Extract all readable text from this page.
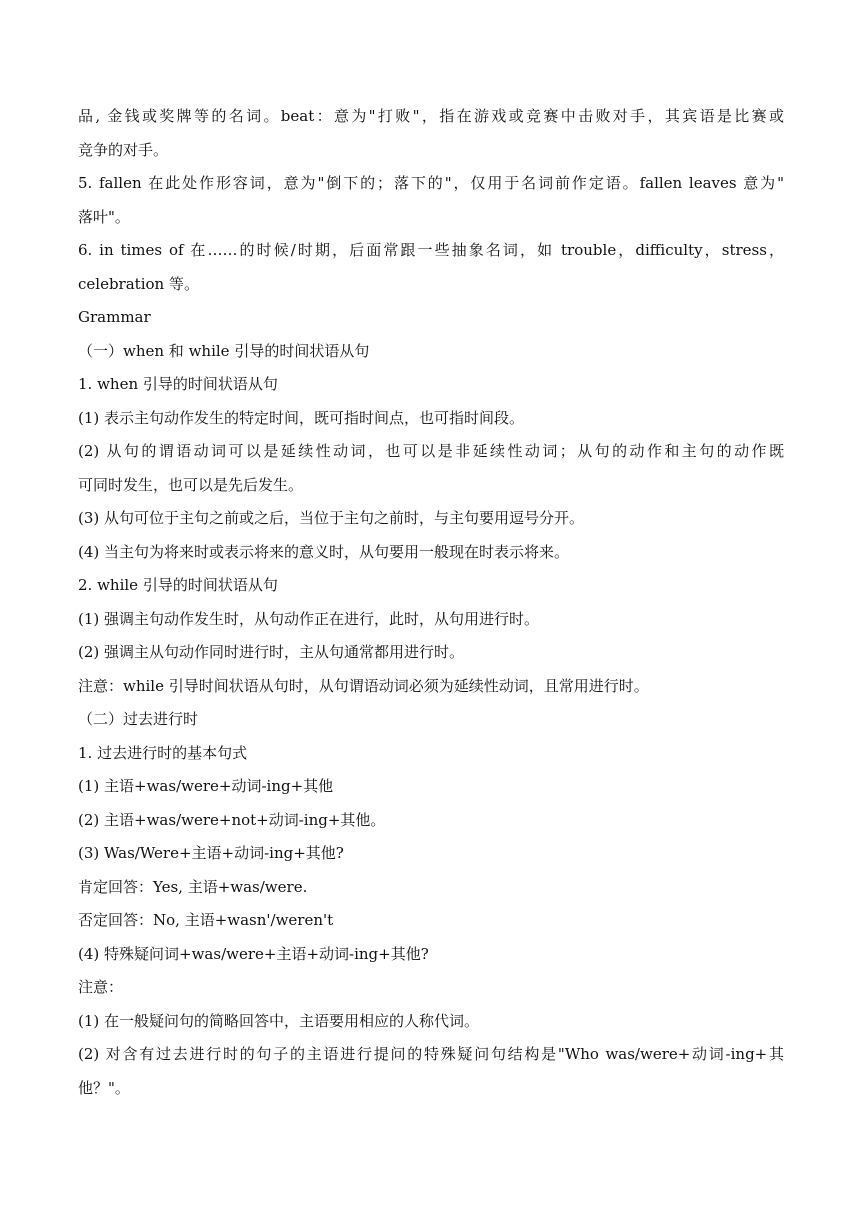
品, 金钱或奖牌等的名词。beat：意为"打败"，指在游戏或竞赛中击败对手，其宾语是比赛或
竞争的对手。
5. fallen 在此处作形容词，意为"倒下的；落下的"，仅用于名词前作定语。fallen leaves 意为"
落叶"。
6. in times of 在……的时候/时期，后面常跟一些抽象名词，如 trouble，difficulty，stress，
celebration 等。
Grammar
（一）when 和 while 引导的时间状语从句
1. when 引导的时间状语从句
(1) 表示主句动作发生的特定时间，既可指时间点，也可指时间段。
(2) 从句的谓语动词可以是延续性动词，也可以是非延续性动词；从句的动作和主句的动作既
可同时发生，也可以是先后发生。
(3) 从句可位于主句之前或之后，当位于主句之前时，与主句要用逗号分开。
(4) 当主句为将来时或表示将来的意义时，从句要用一般现在时表示将来。
2. while 引导的时间状语从句
(1) 强调主句动作发生时，从句动作正在进行，此时，从句用进行时。
(2) 强调主从句动作同时进行时，主从句通常都用进行时。
注意：while 引导时间状语从句时，从句谓语动词必须为延续性动词，且常用进行时。
（二）过去进行时
1. 过去进行时的基本句式
(1) 主语+was/were+动词-ing+其他
(2) 主语+was/were+not+动词-ing+其他。
(3) Was/Were+主语+动词-ing+其他?
肯定回答：Yes, 主语+was/were.
否定回答：No, 主语+wasn'/weren't
(4) 特殊疑问词+was/were+主语+动词-ing+其他?
注意：
(1) 在一般疑问句的简略回答中，主语要用相应的人称代词。
(2) 对含有过去进行时的句子的主语进行提问的特殊疑问句结构是"Who was/were+动词-ing+其
他？"。
